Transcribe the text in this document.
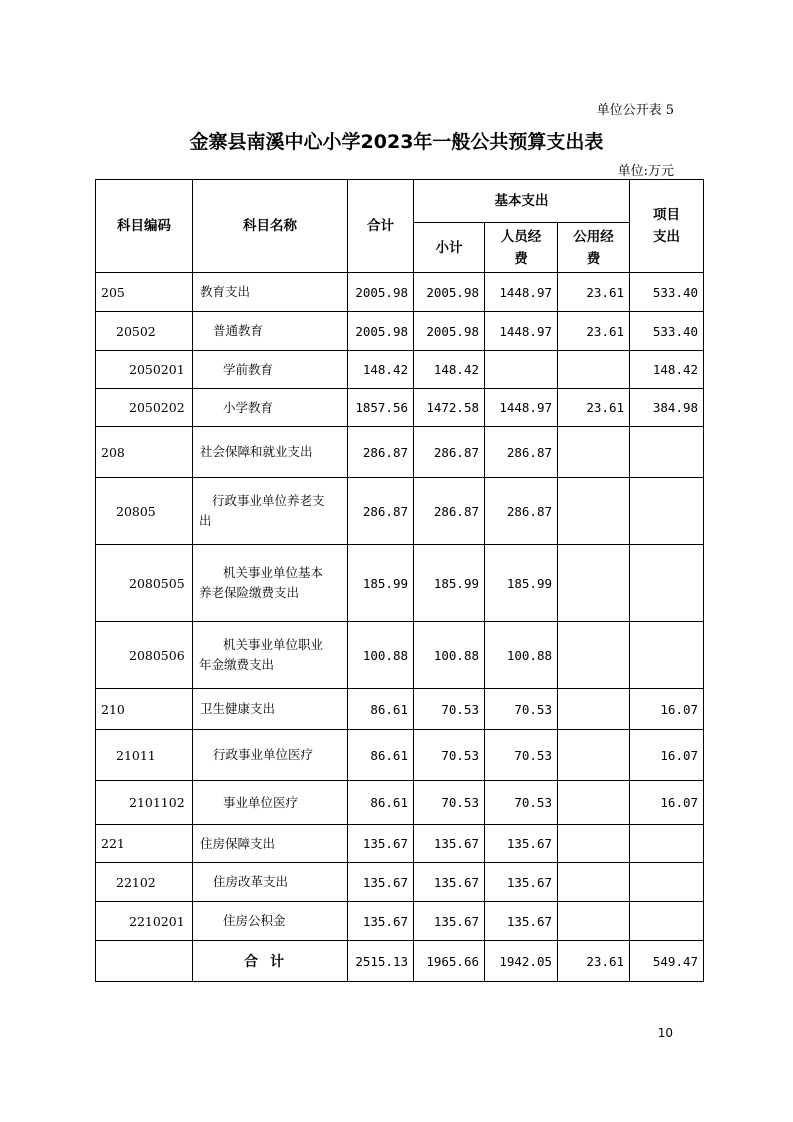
单位公开表 5
金寨县南溪中心小学2023年一般公共预算支出表
单位:万元
科目编码	科目名称	合计	基本支出			项目支出
			小计	人员经费	公用经费	
205	教育支出	2005.98	2005.98	1448.97	23.61	533.40
20502	普通教育	2005.98	2005.98	1448.97	23.61	533.40
2050201	学前教育	148.42	148.42			148.42
2050202	小学教育	1857.56	1472.58	1448.97	23.61	384.98
208	社会保障和就业支出	286.87	286.87	286.87		
20805	行政事业单位养老支
出	286.87	286.87	286.87		
2080505	机关事业单位基本
养老保险缴费支出	185.99	185.99	185.99		
2080506	机关事业单位职业
年金缴费支出	100.88	100.88	100.88		
210	卫生健康支出	86.61	70.53	70.53		16.07
21011	行政事业单位医疗	86.61	70.53	70.53		16.07
2101102	事业单位医疗	86.61	70.53	70.53		16.07
221	住房保障支出	135.67	135.67	135.67		
22102	住房改革支出	135.67	135.67	135.67		
2210201	住房公积金	135.67	135.67	135.67		
	合计	2515.13	1965.66	1942.05	23.61	549.47
10
